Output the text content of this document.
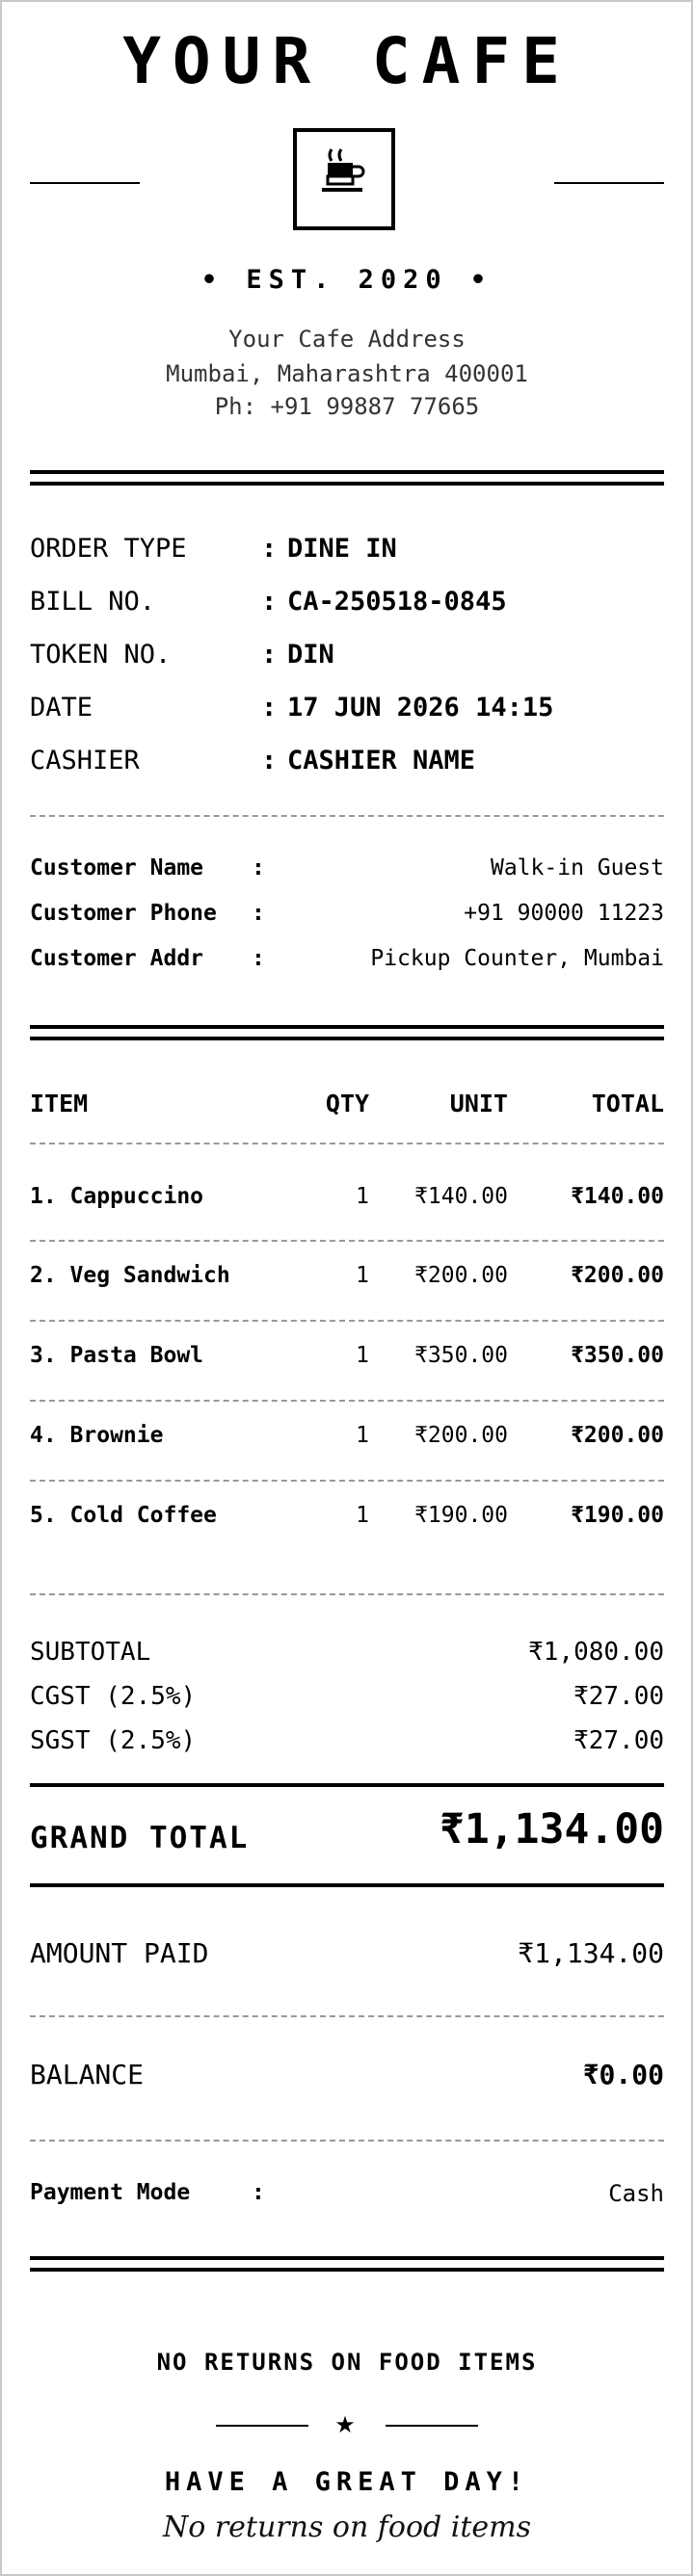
YOUR CAFE
• EST. 2020 •
Your Cafe Address
Mumbai, Maharashtra 400001
Ph: +91 99887 77665
ORDER TYPE	: DINE IN
BILL NO.	: CA-250518-0845
TOKEN NO.	: DIN
DATE	: 17 JUN 2026 14:15
CASHIER	: CASHIER NAME
Customer Name :	Walk-in Guest
Customer Phone :	+91 90000 11223
Customer Addr :	Pickup Counter, Mumbai
ITEM	QTY	UNIT	TOTAL
1. Cappuccino	1 ₹140.00	₹140.00
2. Veg Sandwich	1 ₹200.00	₹200.00
3. Pasta Bowl	1 ₹350.00	₹350.00
4. Brownie	1 ₹200.00	₹200.00
5. Cold Coffee	1 ₹190.00	₹190.00
SUBTOTAL	₹1,080.00
CGST (2.5%)	₹27.00
SGST (2.5%)	₹27.00
GRAND TOTAL	₹1,134.00
AMOUNT PAID	₹1,134.00
BALANCE	₹0.00
Payment Mode	:	Cash
NO RETURNS ON FOOD ITEMS
★
HAVE A GREAT DAY!
No returns on food items
